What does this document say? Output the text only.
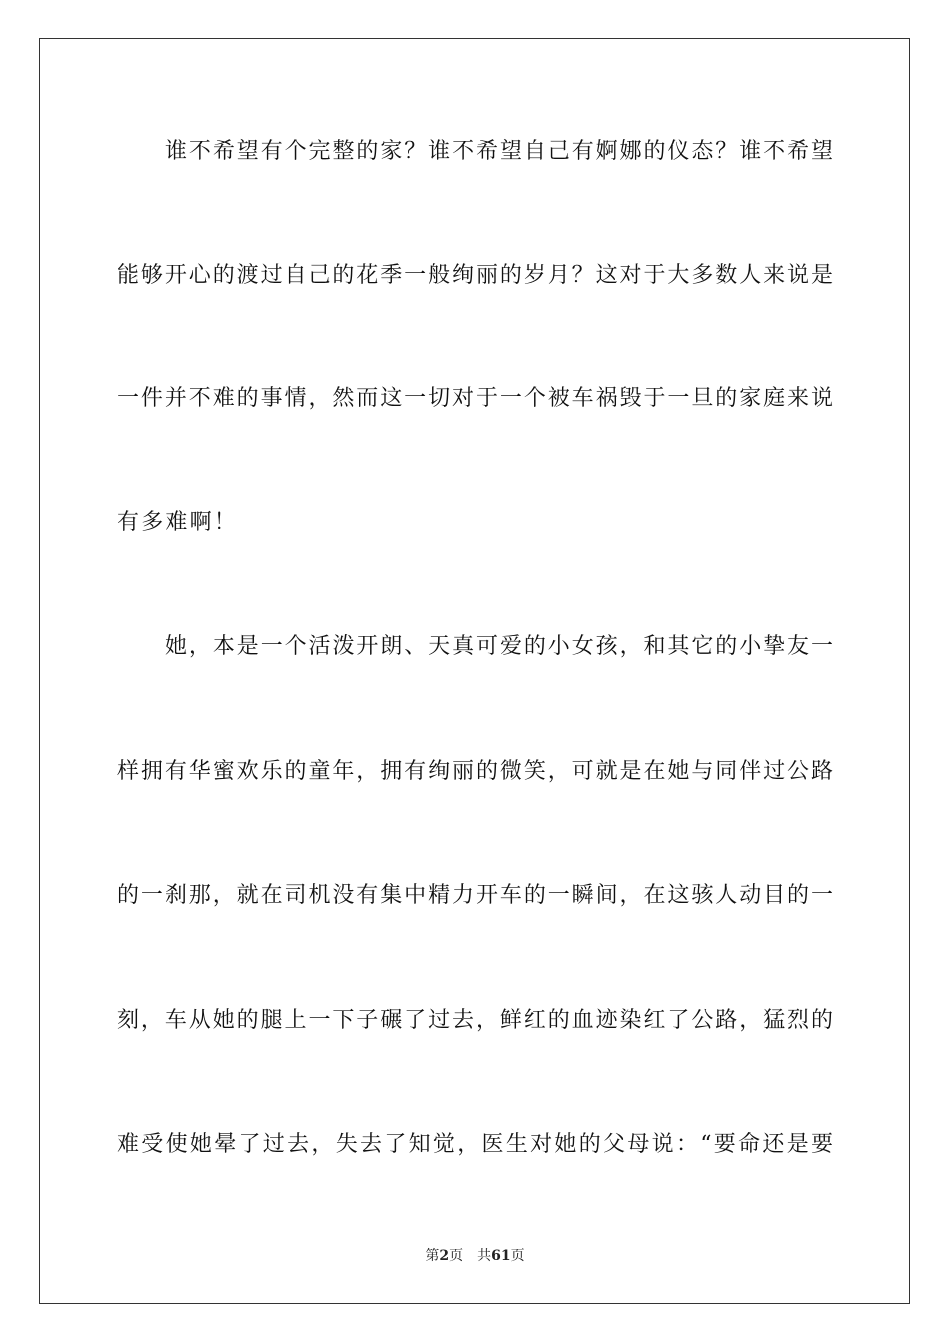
谁不希望有个完整的家？谁不希望自己有婀娜的仪态？谁不希望
能够开心的渡过自己的花季一般绚丽的岁月？这对于大多数人来说是
一件并不难的事情，然而这一切对于一个被车祸毁于一旦的家庭来说
有多难啊！
她，本是一个活泼开朗、天真可爱的小女孩，和其它的小挚友一
样拥有华蜜欢乐的童年，拥有绚丽的微笑，可就是在她与同伴过公路
的一刹那，就在司机没有集中精力开车的一瞬间，在这骇人动目的一
刻，车从她的腿上一下子碾了过去，鲜红的血迹染红了公路，猛烈的
难受使她晕了过去，失去了知觉，医生对她的父母说：“要命还是要
第2页 共61页
